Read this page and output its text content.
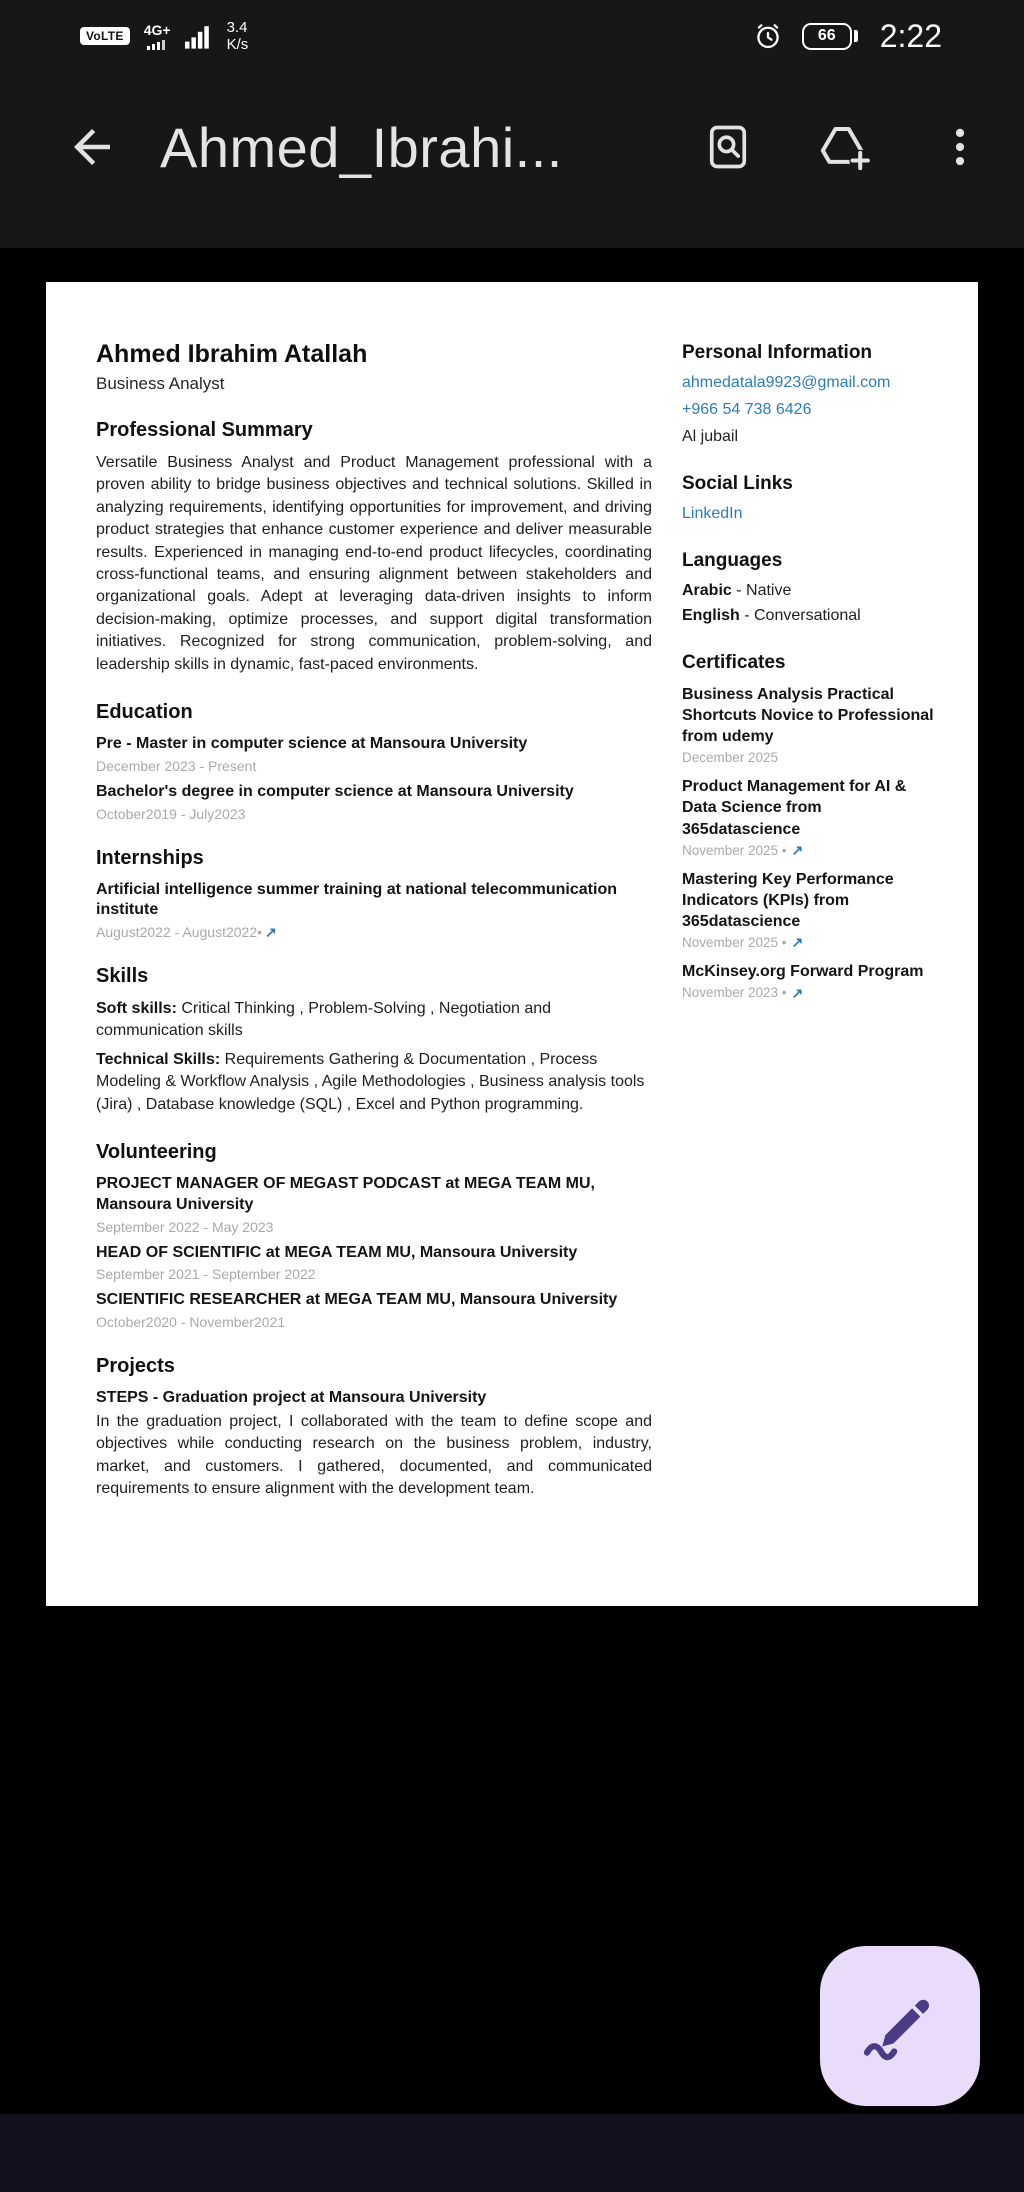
VoLTE	4G+	3.4
K/s
66	2:22
Ahmed_Ibrahi...
Ahmed Ibrahim Atallah
Business Analyst
Professional Summary

Versatile Business Analyst and Product Management professional with a proven ability to bridge business objectives and technical solutions. Skilled in analyzing requirements, identifying opportunities for improvement, and driving product strategies that enhance customer experience and deliver measurable results. Experienced in managing end-to-end product lifecycles, coordinating cross-functional teams, and ensuring alignment between stakeholders and organizational goals. Adept at leveraging data-driven insights to inform decision-making, optimize processes, and support digital transformation initiatives. Recognized for strong communication, problem-solving, and leadership skills in dynamic, fast-paced environments.

Education
Pre - Master in computer science at Mansoura University
December 2023 - Present
Bachelor's degree in computer science at Mansoura University
October2019 - July2023
Internships
Artificial intelligence summer training at national telecommunication institute
August2022 - August2022• ↗
Skills

Soft skills: Critical Thinking , Problem-Solving , Negotiation and communication skills

Technical Skills: Requirements Gathering & Documentation , Process Modeling & Workflow Analysis , Agile Methodologies , Business analysis tools (Jira) , Database knowledge (SQL) , Excel and Python programming.

Volunteering
PROJECT MANAGER OF MEGAST PODCAST at MEGA TEAM MU, Mansoura University
September 2022 - May 2023
HEAD OF SCIENTIFIC at MEGA TEAM MU, Mansoura University
September 2021 - September 2022
SCIENTIFIC RESEARCHER at MEGA TEAM MU, Mansoura University
October2020 - November2021
Projects
STEPS - Graduation project at Mansoura University

In the graduation project, I collaborated with the team to define scope and objectives while conducting research on the business problem, industry, market, and customers. I gathered, documented, and communicated requirements to ensure alignment with the development team.

Personal Information
ahmedatala9923@gmail.com
+966 54 738 6426
Al jubail
Social Links
LinkedIn
Languages
Arabic - Native
English - Conversational
Certificates
Business Analysis Practical Shortcuts Novice to Professional from udemy
December 2025
Product Management for AI & Data Science from 365datascience
November 2025 • ↗
Mastering Key Performance Indicators (KPIs) from 365datascience
November 2025 • ↗
McKinsey.org Forward Program
November 2023 • ↗
